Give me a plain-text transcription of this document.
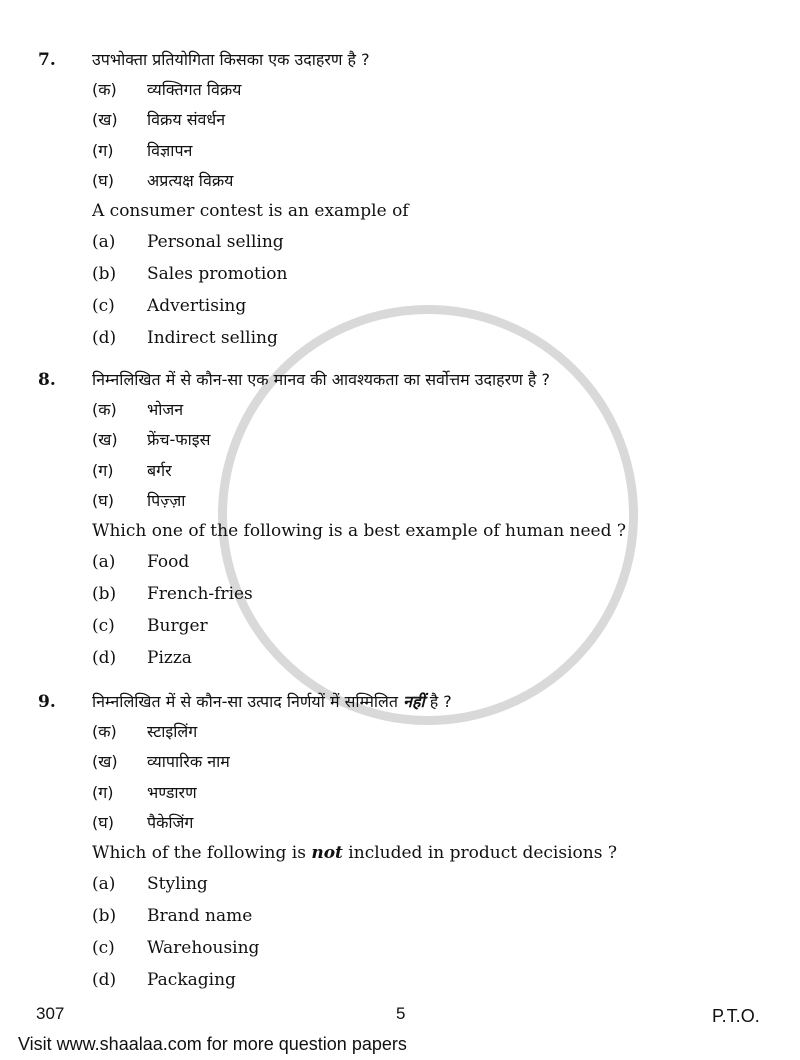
7. उपभोक्ता प्रतियोगिता किसका एक उदाहरण है ?
(क) व्यक्तिगत विक्रय
(ख) विक्रय संवर्धन
(ग) विज्ञापन
(घ) अप्रत्यक्ष विक्रय
A consumer contest is an example of
(a) Personal selling
(b) Sales promotion
(c) Advertising
(d) Indirect selling
8. निम्नलिखित में से कौन-सा एक मानव की आवश्यकता का सर्वोत्तम उदाहरण है ?
(क) भोजन
(ख) फ्रेंच-फाइस
(ग) बर्गर
(घ) पिज़्ज़ा
Which one of the following is a best example of human need ?
(a) Food
(b) French-fries
(c) Burger
(d) Pizza
9. निम्नलिखित में से कौन-सा उत्पाद निर्णयों में सम्मिलित नहीं है ?
(क) स्टाइलिंग
(ख) व्यापारिक नाम
(ग) भण्डारण
(घ) पैकेजिंग
Which of the following is not included in product decisions ?
(a) Styling
(b) Brand name
(c) Warehousing
(d) Packaging
307	5	P.T.O.
Visit www.shaalaa.com for more question papers
